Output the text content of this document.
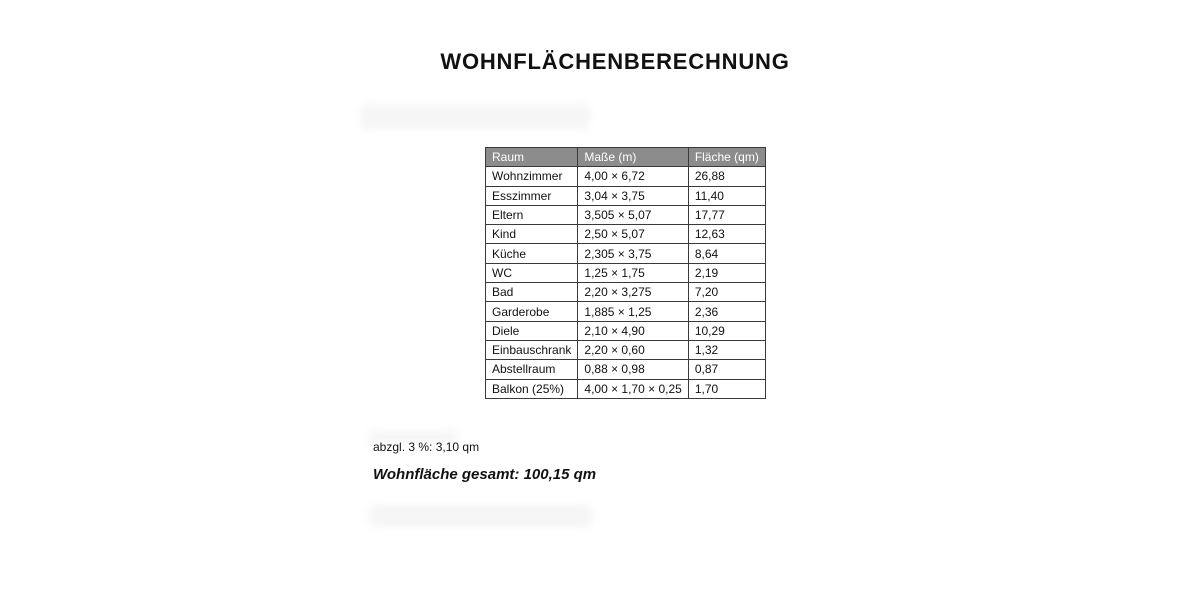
WOHNFLÄCHENBERECHNUNG
Raum	Maße (m)	Fläche (qm)
Wohnzimmer	4,00 × 6,72	26,88
Esszimmer	3,04 × 3,75	11,40
Eltern	3,505 × 5,07	17,77
Kind	2,50 × 5,07	12,63
Küche	2,305 × 3,75	8,64
WC	1,25 × 1,75	2,19
Bad	2,20 × 3,275	7,20
Garderobe	1,885 × 1,25	2,36
Diele	2,10 × 4,90	10,29
Einbauschrank	2,20 × 0,60	1,32
Abstellraum	0,88 × 0,98	0,87
Balkon (25%)	4,00 × 1,70 × 0,25	1,70
abzgl. 3 %: 3,10 qm
Wohnfläche gesamt: 100,15 qm
